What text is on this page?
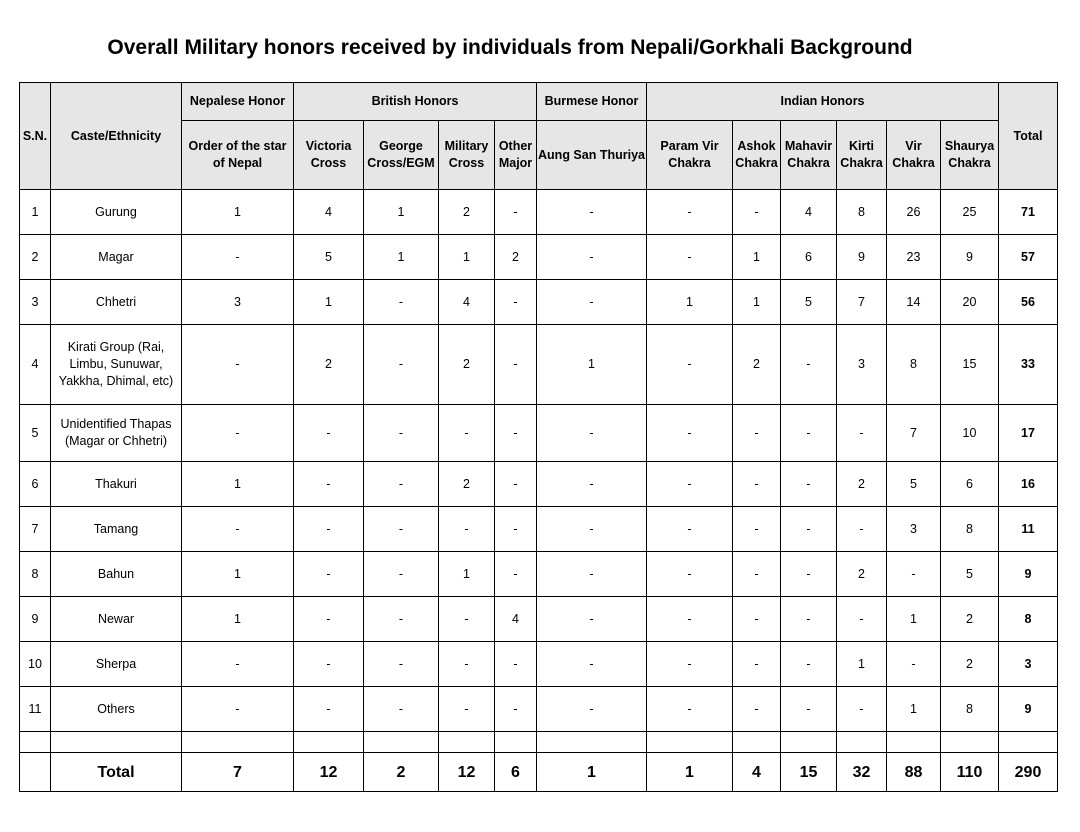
Overall Military honors received by individuals from Nepali/Gorkhali Background
S.N.	Caste/Ethnicity	Nepalese Honor	British Honors				Burmese Honor	Indian Honors						Total
		Order of the star of Nepal	Victoria Cross	George Cross/EGM	Military Cross	Other Major	Aung San Thuriya	Param Vir Chakra	Ashok Chakra	Mahavir Chakra	Kirti Chakra	Vir Chakra	Shaurya Chakra	
1	Gurung	1	4	1	2	-	-	-	-	4	8	26	25	71
2	Magar	-	5	1	1	2	-	-	1	6	9	23	9	57
3	Chhetri	3	1	-	4	-	-	1	1	5	7	14	20	56
4	Kirati Group (Rai, Limbu, Sunuwar, Yakkha, Dhimal, etc)	-	2	-	2	-	1	-	2	-	3	8	15	33
5	Unidentified Thapas (Magar or Chhetri)	-	-	-	-	-	-	-	-	-	-	7	10	17
6	Thakuri	1	-	-	2	-	-	-	-	-	2	5	6	16
7	Tamang	-	-	-	-	-	-	-	-	-	-	3	8	11
8	Bahun	1	-	-	1	-	-	-	-	-	2	-	5	9
9	Newar	1	-	-	-	4	-	-	-	-	-	1	2	8
10	Sherpa	-	-	-	-	-	-	-	-	-	1	-	2	3
11	Others	-	-	-	-	-	-	-	-	-	-	1	8	9

	Total	7	12	2	12	6	1	1	4	15	32	88	110	290
